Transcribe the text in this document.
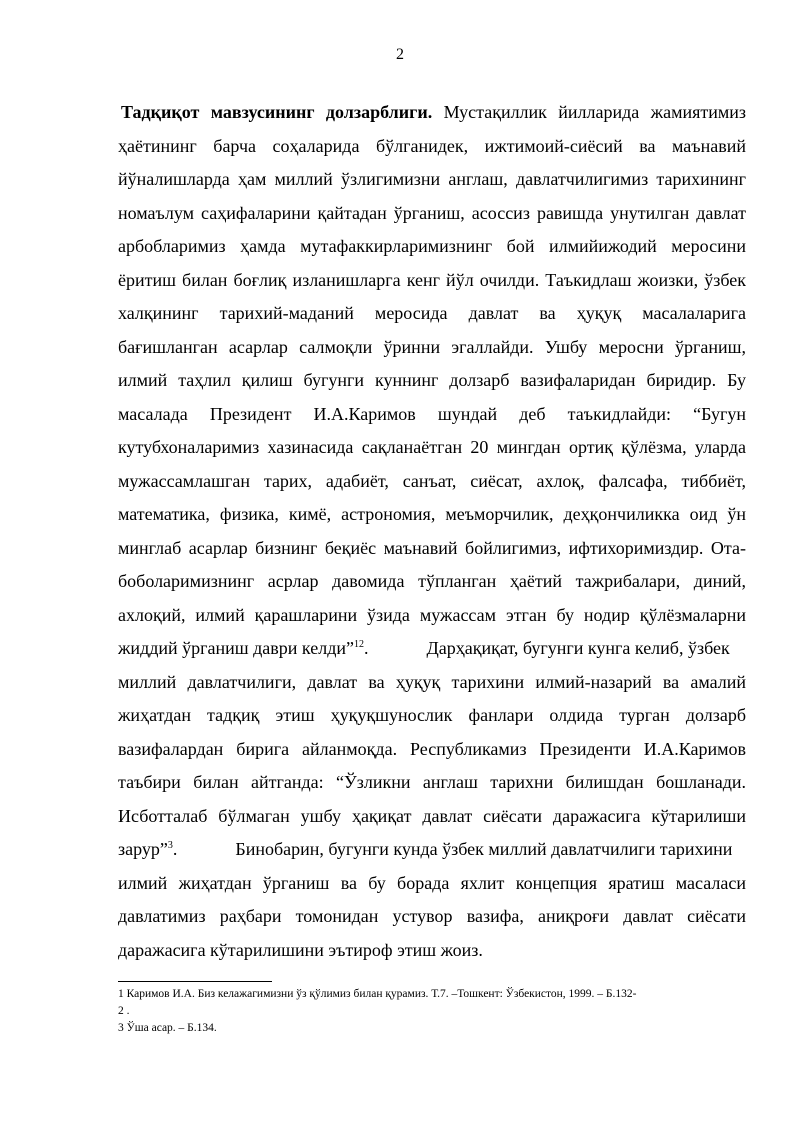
2
Тадқиқот мавзусининг долзарблиги. Мустақиллик йилларида жамиятимиз
ҳаётининг барча соҳаларида бўлганидек, ижтимоий-сиёсий ва маънавий
йўналишларда ҳам миллий ўзлигимизни англаш, давлатчилигимиз тарихининг
номаълум саҳифаларини қайтадан ўрганиш, асоссиз равишда унутилган давлат
арбобларимиз ҳамда мутафаккирларимизнинг бой илмийижодий меросини
ёритиш билан боғлиқ изланишларга кенг йўл очилди. Таъкидлаш жоизки, ўзбек
халқининг тарихий-маданий меросида давлат ва ҳуқуқ масалаларига
бағишланган асарлар салмоқли ўринни эгаллайди. Ушбу меросни ўрганиш,
илмий таҳлил қилиш бугунги куннинг долзарб вазифаларидан биридир. Бу
масалада Президент И.А.Каримов шундай деб таъкидлайди: “Бугун
кутубхоналаримиз хазинасида сақланаётган 20 мингдан ортиқ қўлёзма, уларда
мужассамлашган тарих, адабиёт, санъат, сиёсат, ахлоқ, фалсафа, тиббиёт,
математика, физика, кимё, астрономия, меъморчилик, деҳқончиликка оид ўн
минглаб асарлар бизнинг беқиёс маънавий бойлигимиз, ифтихоримиздир. Ота-
боболаримизнинг асрлар давомида тўпланган ҳаётий тажрибалари, диний,
ахлоқий, илмий қарашларини ўзида мужассам этган бу нодир қўлёзмаларни
жиддий ўрганиш даври келди”$^{12}$.	Дарҳақиқат, бугунги кунга келиб, ўзбек
миллий давлатчилиги, давлат ва ҳуқуқ тарихини илмий-назарий ва амалий
жиҳатдан тадқиқ этиш ҳуқуқшунослик фанлари олдида турган долзарб
вазифалардан бирига айланмоқда. Республикамиз Президенти И.А.Каримов
таъбири билан айтганда: “Ўзликни англаш тарихни билишдан бошланади.
Исботталаб бўлмаган ушбу ҳақиқат давлат сиёсати даражасига кўтарилиши
зарур”$^3$.	Бинобарин, бугунги кунда ўзбек миллий давлатчилиги тарихини
илмий жиҳатдан ўрганиш ва бу борада яхлит концепция яратиш масаласи
давлатимиз раҳбари томонидан устувор вазифа, аниқроғи давлат сиёсати
даражасига кўтарилишини эътироф этиш жоиз.
1 Каримов И.А. Биз келажагимизни ўз қўлимиз билан қурамиз. Т.7. –Тошкент: Ўзбекистон, 1999. – Б.132-
2 .
3 Ўша асар. – Б.134.
